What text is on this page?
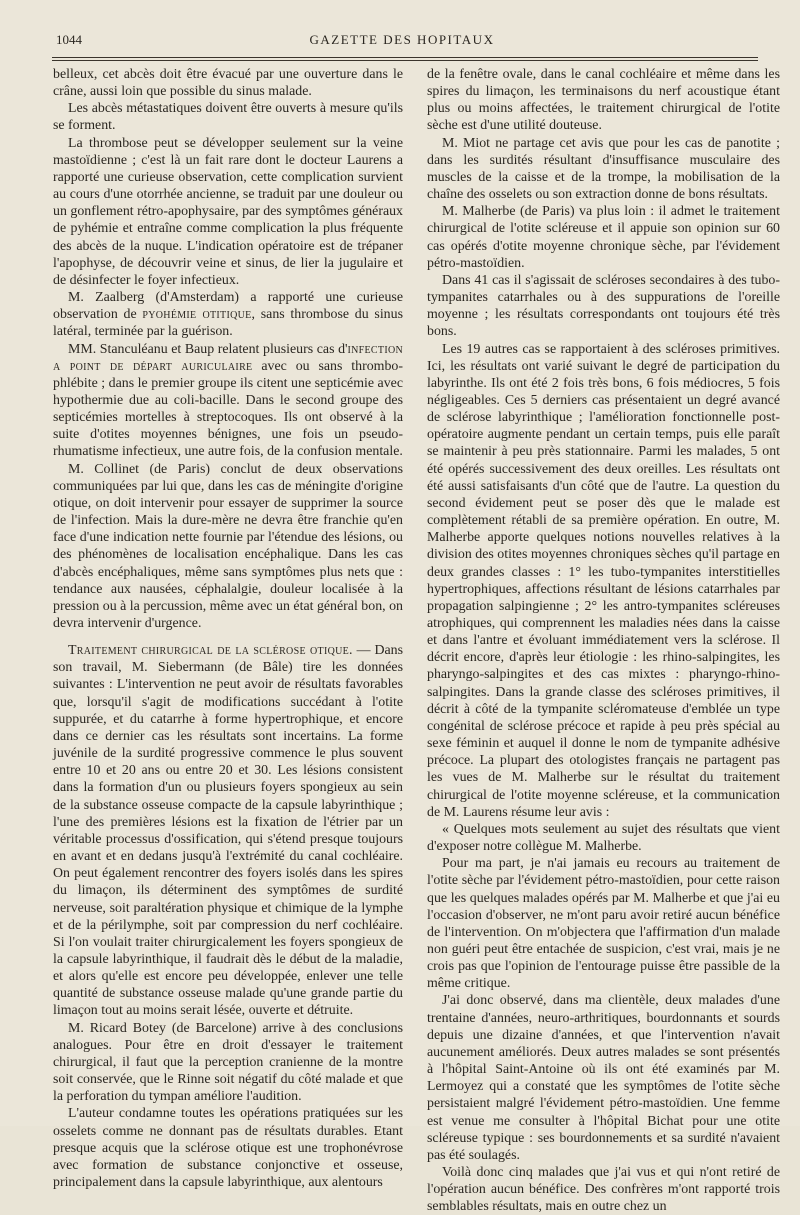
1044	GAZETTE DES HOPITAUX

belleux, cet abcès doit être évacué par une ouverture dans le crâne, aussi loin que possible du sinus malade.

Les abcès métastatiques doivent être ouverts à mesure qu'ils se forment.

La thrombose peut se développer seulement sur la veine mastoïdienne ; c'est là un fait rare dont le docteur Laurens a rapporté une curieuse observation, cette complication survient au cours d'une otorrhée ancienne, se traduit par une douleur ou un gonflement rétro-apophysaire, par des symptômes généraux de pyhémie et entraîne comme complication la plus fréquente des abcès de la nuque. L'indication opératoire est de trépaner l'apophyse, de découvrir veine et sinus, de lier la jugulaire et de désinfecter le foyer infectieux.

M. Zaalberg (d'Amsterdam) a rapporté une curieuse observation de pyohémie otitique, sans thrombose du sinus latéral, terminée par la guérison.

MM. Stanculéanu et Baup relatent plusieurs cas d'infection a point de départ auriculaire avec ou sans thrombo-phlébite ; dans le premier groupe ils citent une septicémie avec hypothermie due au coli-bacille. Dans le second groupe des septicémies mortelles à streptocoques. Ils ont observé à la suite d'otites moyennes bénignes, une fois un pseudo-rhumatisme infectieux, une autre fois, de la confusion mentale.

M. Collinet (de Paris) conclut de deux observations communiquées par lui que, dans les cas de méningite d'origine otique, on doit intervenir pour essayer de supprimer la source de l'infection. Mais la dure-mère ne devra être franchie qu'en face d'une indication nette fournie par l'étendue des lésions, ou des phénomènes de localisation encéphalique. Dans les cas d'abcès encéphaliques, même sans symptômes plus nets que : tendance aux nausées, céphalalgie, douleur localisée à la pression ou à la percussion, même avec un état général bon, on devra intervenir d'urgence.

Traitement chirurgical de la sclérose otique. — Dans son travail, M. Siebermann (de Bâle) tire les données suivantes : L'intervention ne peut avoir de résultats favorables que, lorsqu'il s'agit de modifications succédant à l'otite suppurée, et du catarrhe à forme hypertrophique, et encore dans ce dernier cas les résultats sont incertains. La forme juvénile de la surdité progressive commence le plus souvent entre 10 et 20 ans ou entre 20 et 30. Les lésions consistent dans la formation d'un ou plusieurs foyers spongieux au sein de la substance osseuse compacte de la capsule labyrinthique ; l'une des premières lésions est la fixation de l'étrier par un véritable processus d'ossification, qui s'étend presque toujours en avant et en dedans jusqu'à l'extrémité du canal cochléaire. On peut également rencontrer des foyers isolés dans les spires du limaçon, ils déterminent des symptômes de surdité nerveuse, soit paraltération physique et chimique de la lymphe et de la périlymphe, soit par compression du nerf cochléaire. Si l'on voulait traiter chirurgicalement les foyers spongieux de la capsule labyrinthique, il faudrait dès le début de la maladie, et alors qu'elle est encore peu développée, enlever une telle quantité de substance osseuse malade qu'une grande partie du limaçon tout au moins serait lésée, ouverte et détruite.

M. Ricard Botey (de Barcelone) arrive à des conclusions analogues. Pour être en droit d'essayer le traitement chirurgical, il faut que la perception cranienne de la montre soit conservée, que le Rinne soit négatif du côté malade et que la perforation du tympan améliore l'audition.

L'auteur condamne toutes les opérations pratiquées sur les osselets comme ne donnant pas de résultats durables. Etant presque acquis que la sclérose otique est une trophonévrose avec formation de substance conjonctive et osseuse, principalement dans la capsule labyrinthique, aux alentours

de la fenêtre ovale, dans le canal cochléaire et même dans les spires du limaçon, les terminaisons du nerf acoustique étant plus ou moins affectées, le traitement chirurgical de l'otite sèche est d'une utilité douteuse.

M. Miot ne partage cet avis que pour les cas de panotite ; dans les surdités résultant d'insuffisance musculaire des muscles de la caisse et de la trompe, la mobilisation de la chaîne des osselets ou son extraction donne de bons résultats.

M. Malherbe (de Paris) va plus loin : il admet le traitement chirurgical de l'otite scléreuse et il appuie son opinion sur 60 cas opérés d'otite moyenne chronique sèche, par l'évidement pétro-mastoïdien.

Dans 41 cas il s'agissait de scléroses secondaires à des tubo-tympanites catarrhales ou à des suppurations de l'oreille moyenne ; les résultats correspondants ont toujours été très bons.

Les 19 autres cas se rapportaient à des scléroses primitives. Ici, les résultats ont varié suivant le degré de participation du labyrinthe. Ils ont été 2 fois très bons, 6 fois médiocres, 5 fois négligeables. Ces 5 derniers cas présentaient un degré avancé de sclérose labyrinthique ; l'amélioration fonctionnelle post-opératoire augmente pendant un certain temps, puis elle paraît se maintenir à peu près stationnaire. Parmi les malades, 5 ont été opérés successivement des deux oreilles. Les résultats ont été aussi satisfaisants d'un côté que de l'autre. La question du second évidement peut se poser dès que le malade est complètement rétabli de sa première opération. En outre, M. Malherbe apporte quelques notions nouvelles relatives à la division des otites moyennes chroniques sèches qu'il partage en deux grandes classes : 1° les tubo-tympanites interstitielles hypertrophiques, affections résultant de lésions catarrhales par propagation salpingienne ; 2° les antro-tympanites scléreuses atrophiques, qui comprennent les maladies nées dans la caisse et dans l'antre et évoluant immédiatement vers la sclérose. Il décrit encore, d'après leur étiologie : les rhino-salpingites, les pharyngo-salpingites et des cas mixtes : pharyngo-rhino-salpingites. Dans la grande classe des scléroses primitives, il décrit à côté de la tympanite scléromateuse d'emblée un type congénital de sclérose précoce et rapide à peu près spécial au sexe féminin et auquel il donne le nom de tympanite adhésive précoce. La plupart des otologistes français ne partagent pas les vues de M. Malherbe sur le résultat du traitement chirurgical de l'otite moyenne scléreuse, et la communication de M. Laurens résume leur avis :

« Quelques mots seulement au sujet des résultats que vient d'exposer notre collègue M. Malherbe.

Pour ma part, je n'ai jamais eu recours au traitement de l'otite sèche par l'évidement pétro-mastoïdien, pour cette raison que les quelques malades opérés par M. Malherbe et que j'ai eu l'occasion d'observer, ne m'ont paru avoir retiré aucun bénéfice de l'intervention. On m'objectera que l'affirmation d'un malade non guéri peut être entachée de suspicion, c'est vrai, mais je ne crois pas que l'opinion de l'entourage puisse être passible de la même critique.

J'ai donc observé, dans ma clientèle, deux malades d'une trentaine d'années, neuro-arthritiques, bourdonnants et sourds depuis une dizaine d'années, et que l'intervention n'avait aucunement améliorés. Deux autres malades se sont présentés à l'hôpital Saint-Antoine où ils ont été examinés par M. Lermoyez qui a constaté que les symptômes de l'otite sèche persistaient malgré l'évidement pétro-mastoïdien. Une femme est venue me consulter à l'hôpital Bichat pour une otite scléreuse typique : ses bourdonnements et sa surdité n'avaient pas été soulagés.

Voilà donc cinq malades que j'ai vus et qui n'ont retiré de l'opération aucun bénéfice. Des confrères m'ont rapporté trois semblables résultats, mais en outre chez un
